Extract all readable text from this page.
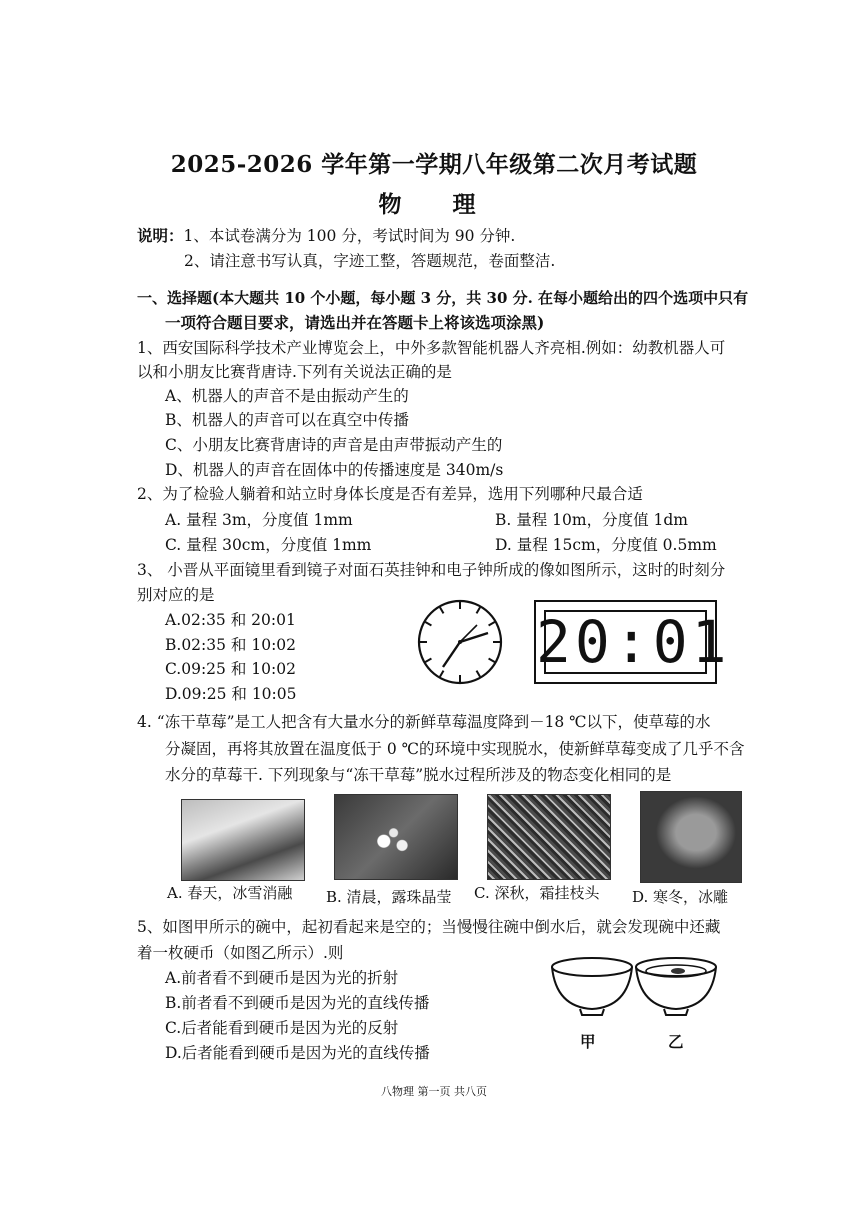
2025-2026 学年第一学期八年级第二次月考试题
物　理
说明：1、本试卷满分为 100 分，考试时间为 90 分钟.
2、请注意书写认真，字迹工整，答题规范，卷面整洁.
一、选择题(本大题共 10 个小题，每小题 3 分，共 30 分. 在每小题给出的四个选项中只有
一项符合题目要求，请选出并在答题卡上将该选项涂黑)
1、西安国际科学技术产业博览会上，中外多款智能机器人齐亮相.例如：幼教机器人可
以和小朋友比赛背唐诗.下列有关说法正确的是
A、机器人的声音不是由振动产生的
B、机器人的声音可以在真空中传播
C、小朋友比赛背唐诗的声音是由声带振动产生的
D、机器人的声音在固体中的传播速度是 340m/s
2、为了检验人躺着和站立时身体长度是否有差异，选用下列哪种尺最合适
A. 量程 3m，分度值 1mm	B. 量程 10m，分度值 1dm
C. 量程 30cm，分度值 1mm	D. 量程 15cm，分度值 0.5mm
3、 小晋从平面镜里看到镜子对面石英挂钟和电子钟所成的像如图所示，这时的时刻分
别对应的是
A.02:35 和 20:01
B.02:35 和 10:02
C.09:25 和 10:02
D.09:25 和 10:05
20:01
4. “冻干草莓”是工人把含有大量水分的新鲜草莓温度降到－18 ℃以下，使草莓的水
分凝固，再将其放置在温度低于 0 ℃的环境中实现脱水，使新鲜草莓变成了几乎不含
水分的草莓干. 下列现象与“冻干草莓”脱水过程所涉及的物态变化相同的是
A. 春天，冰雪消融 B. 清晨，露珠晶莹 C. 深秋，霜挂枝头 D. 寒冬，冰雕
5、如图甲所示的碗中，起初看起来是空的；当慢慢往碗中倒水后，就会发现碗中还藏
着一枚硬币（如图乙所示）.则
A.前者看不到硬币是因为光的折射
B.前者看不到硬币是因为光的直线传播
C.后者能看到硬币是因为光的反射
D.后者能看到硬币是因为光的直线传播
甲	乙
八物理 第一页 共八页
